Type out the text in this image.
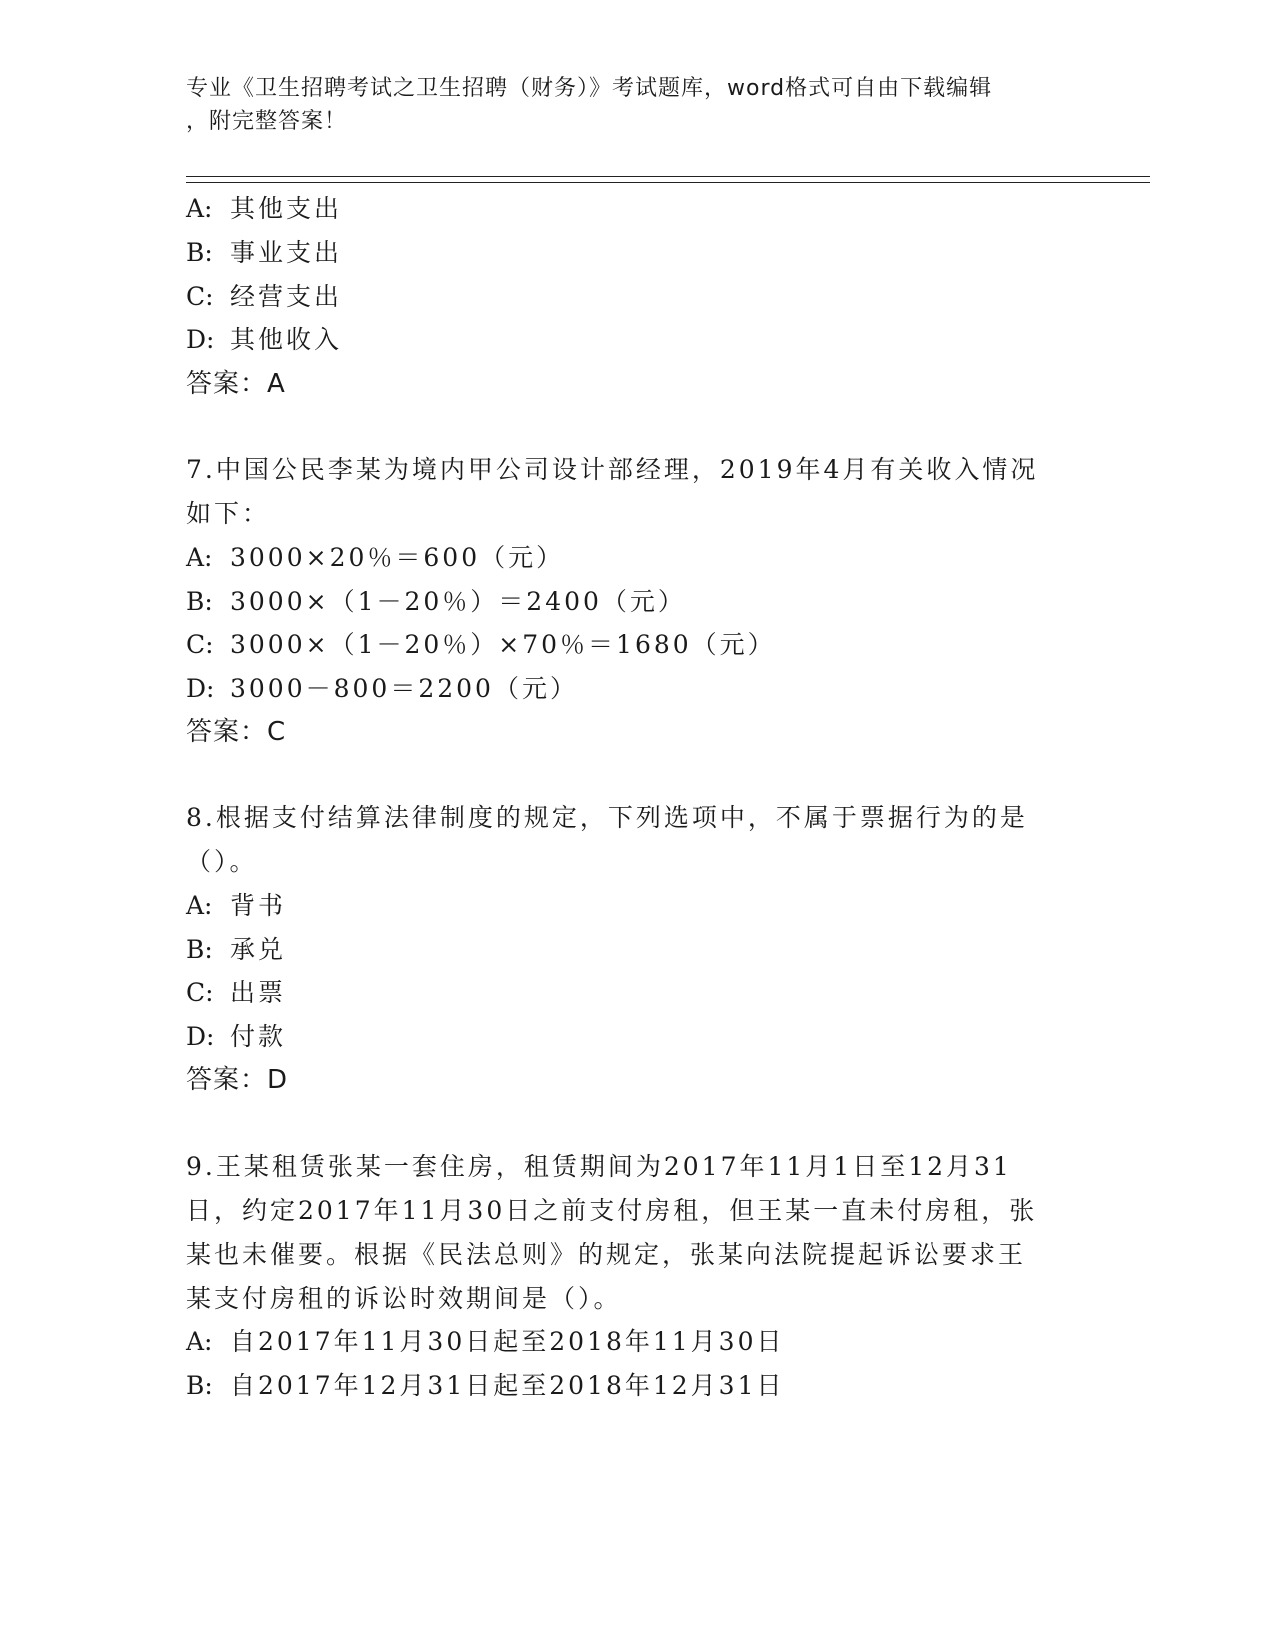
专业《卫生招聘考试之卫生招聘（财务）》考试题库，word格式可自由下载编辑
，附完整答案！
A: 其他支出
B: 事业支出
C: 经营支出
D: 其他收入
答案：A
7.中国公民李某为境内甲公司设计部经理，2019年4月有关收入情况
如下：
A: 3000×20％＝600（元）
B: 3000×（1－20％）＝2400（元）
C: 3000×（1－20％）×70％＝1680（元）
D: 3000－800＝2200（元）
答案：C
8.根据支付结算法律制度的规定，下列选项中，不属于票据行为的是
（）。
A: 背书
B: 承兑
C: 出票
D: 付款
答案：D
9.王某租赁张某一套住房，租赁期间为2017年11月1日至12月31
日，约定2017年11月30日之前支付房租，但王某一直未付房租，张
某也未催要。根据《民法总则》的规定，张某向法院提起诉讼要求王
某支付房租的诉讼时效期间是（）。
A: 自2017年11月30日起至2018年11月30日
B: 自2017年12月31日起至2018年12月31日
